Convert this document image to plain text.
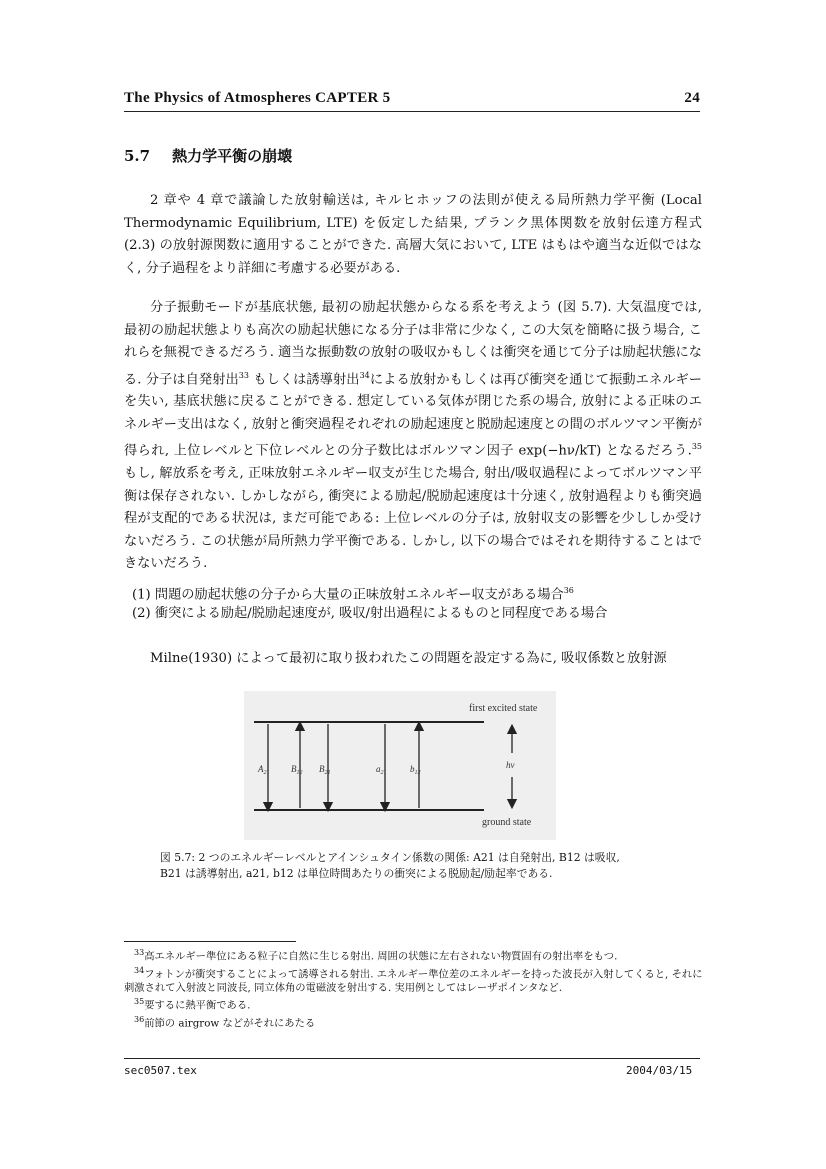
The Physics of Atmospheres CAPTER 5	24
5.7 熱力学平衡の崩壊

2 章や 4 章で議論した放射輸送は, キルヒホッフの法則が使える局所熱力学平衡 (Local Thermodynamic Equilibrium, LTE) を仮定した結果, プランク黒体関数を放射伝達方程式 (2.3) の放射源関数に適用することができた. 高層大気において, LTE はもはや適当な近似ではなく, 分子過程をより詳細に考慮する必要がある.

分子振動モードが基底状態, 最初の励起状態からなる系を考えよう (図 5.7). 大気温度では, 最初の励起状態よりも高次の励起状態になる分子は非常に少なく, この大気を簡略に扱う場合, これらを無視できるだろう. 適当な振動数の放射の吸収かもしくは衝突を通じて分子は励起状態になる. 分子は自発射出$^{33}$ もしくは誘導射出$^{34}$による放射かもしくは再び衝突を通じて振動エネルギーを失い, 基底状態に戻ることができる. 想定している気体が閉じた系の場合, 放射による正味のエネルギー支出はなく, 放射と衝突過程それぞれの励起速度と脱励起速度との間のボルツマン平衡が得られ, 上位レベルと下位レベルとの分子数比はボルツマン因子 exp(−hν/kT) となるだろう.$^{35}$ もし, 解放系を考え, 正味放射エネルギー収支が生じた場合, 射出/吸収過程によってボルツマン平衡は保存されない. しかしながら, 衝突による励起/脱励起速度は十分速く, 放射過程よりも衝突過程が支配的である状況は, まだ可能である: 上位レベルの分子は, 放射収支の影響を少ししか受けないだろう. この状態が局所熱力学平衡である. しかし, 以下の場合ではそれを期待することはできないだろう.

(1) 問題の励起状態の分子から大量の正味放射エネルギー収支がある場合$^{36}$
(2) 衝突による励起/脱励起速度が, 吸収/射出過程によるものと同程度である場合

Milne(1930) によって最初に取り扱われたこの問題を設定する為に, 吸収係数と放射源

first excited state
ground state
$A_{21}$ $B_{12}$ $B_{21}$	$a_{21}$	$b_{12}$
hν
図 5.7: 2 つのエネルギーレベルとアインシュタイン係数の関係: A21 は自発射出, B12 は吸収,
B21 は誘導射出, a21, b12 は単位時間あたりの衝突による脱励起/励起率である.
$^{33}$高エネルギー準位にある粒子に自然に生じる射出. 周囲の状態に左右されない物質固有の射出率をもつ.
$^{34}$フォトンが衝突することによって誘導される射出. エネルギー準位差のエネルギーを持った波長が入射してくると, それに刺激されて入射波と同波長, 同立体角の電磁波を射出する. 実用例としてはレーザポインタなど.
$^{35}$要するに熱平衡である.
$^{36}$前節の airgrow などがそれにあたる
sec0507.tex	2004/03/15
